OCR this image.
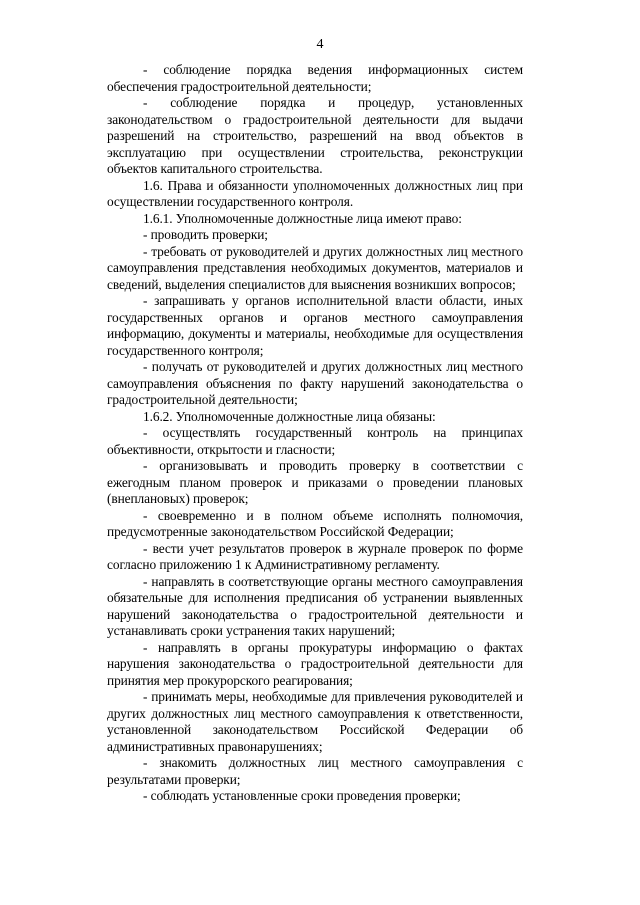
4

- соблюдение порядка ведения информационных систем обеспечения градостроительной деятельности;

- соблюдение порядка и процедур, установленных законодательством о градостроительной деятельности для выдачи разрешений на строительство, разрешений на ввод объектов в эксплуатацию при осуществлении строительства, реконструкции объектов капитального строительства.

1.6. Права и обязанности уполномоченных должностных лиц при осуществлении государственного контроля.

1.6.1. Уполномоченные должностные лица имеют право:

- проводить проверки;

- требовать от руководителей и других должностных лиц местного самоуправления представления необходимых документов, материалов и сведений, выделения специалистов для выяснения возникших вопросов;

- запрашивать у органов исполнительной власти области, иных государственных органов и органов местного самоуправления информацию, документы и материалы, необходимые для осуществления государственного контроля;

- получать от руководителей и других должностных лиц местного самоуправления объяснения по факту нарушений законодательства о градостроительной деятельности;

1.6.2. Уполномоченные должностные лица обязаны:

- осуществлять государственный контроль на принципах объективности, открытости и гласности;

- организовывать и проводить проверку в соответствии с ежегодным планом проверок и приказами о проведении плановых (внеплановых) проверок;

- своевременно и в полном объеме исполнять полномочия, предусмотренные законодательством Российской Федерации;

- вести учет результатов проверок в журнале проверок по форме согласно приложению 1 к Административному регламенту.

- направлять в соответствующие органы местного самоуправления обязательные для исполнения предписания об устранении выявленных нарушений законодательства о градостроительной деятельности и устанавливать сроки устранения таких нарушений;

- направлять в органы прокуратуры информацию о фактах нарушения законодательства о градостроительной деятельности для принятия мер прокурорского реагирования;

- принимать меры, необходимые для привлечения руководителей и других должностных лиц местного самоуправления к ответственности, установленной законодательством Российской Федерации об административных правонарушениях;

- знакомить должностных лиц местного самоуправления с результатами проверки;

- соблюдать установленные сроки проведения проверки;
